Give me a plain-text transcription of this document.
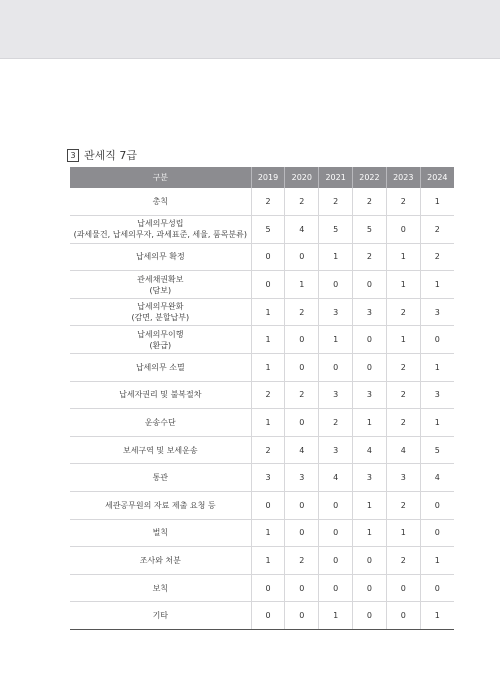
3 관세직 7급
구분	2019	2020	2021	2022	2023	2024

총칙	2	2	2	2	2	1

납세의무성립
(과세물건, 납세의무자, 과세표준, 세율, 품목분류)	5	4	5	5	0	2

납세의무 확정	0	0	1	2	1	2

관세채권확보
(담보)	0	1	0	0	1	1

납세의무완화
(감면, 분할납부)	1	2	3	3	2	3

납세의무이행
(환급)	1	0	1	0	1	0

납세의무 소멸	1	0	0	0	2	1

납세자권리 및 불복절차	2	2	3	3	2	3

운송수단	1	0	2	1	2	1

보세구역 및 보세운송	2	4	3	4	4	5

통관	3	3	4	3	3	4

세관공무원의 자료 제출 요청 등	0	0	0	1	2	0

벌칙	1	0	0	1	1	0

조사와 처분	1	2	0	0	2	1

보칙	0	0	0	0	0	0

기타	0	0	1	0	0	1
